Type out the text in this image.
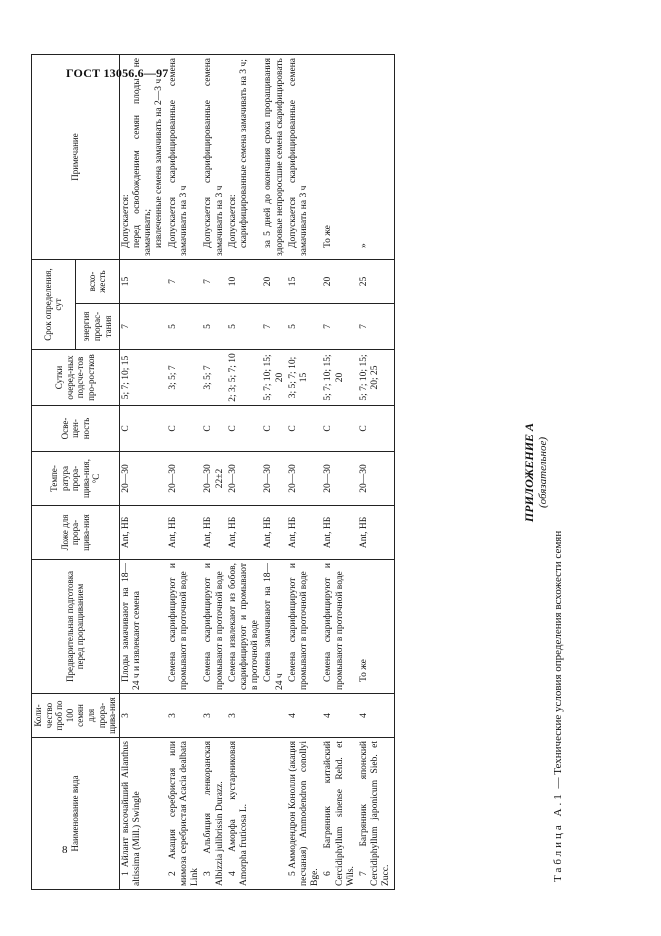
ГОСТ 13056.6—97
8 Наименование вида	Коли-чество проб по 100 семян для прора-щива-ния	Предварительная подготовка перед проращиванием	Ложе для прора-щива-ния	Темпе-ратура прора-щива-ния, °С	Осве-щен-ность	Сутки очеред-ных подсче-тов про-ростков	Срок определения, сут		Примечание
							энергия прорас-тания	всхо-жесть	
1 Айлант высочайший Ailanthus altissima (Mill.) Swingle	3	Плоды замачивают на 18—24 ч и извлекают семена	Ant, НБ	20—30	С	5; 7; 10; 15	7	15	Допускается: перед освобождением семян плоды не замачивать; извлеченные семена замачивать на 2—3 ч

2 Акация серебристая или мимоза серебристая Acacia dealbata Link	3	Семена скарифицируют и промывают в проточной воде	Ant, НБ	20—30	С	3; 5; 7	5	7	Допускается скарифицированные семена замачивать на 3 ч

3 Альбиция ленкоранская Albizzia julibrissin Durazz.	3	Семена скарифицируют и промывают в проточной воде	Ant, НБ	20—30 22±2	С	3; 5; 7	5	7	Допускается скарифицированные семена замачивать на 3 ч

4 Аморфа кустарниковая Amorpha fruticosa L.	3	Семена извлекают из бобов, скарифицируют и промывают в проточной воде	Ant, НБ	20—30	С	2; 3; 5; 7; 10	5	10	Допускается: скарифицированные семена замачивать на 3 ч;

		Семена замачивают на 18—24 ч	Ant, НБ	20—30	С	5; 7; 10; 15; 20	7	20	за 5 дней до окончания срока проращивания здоровые непроросшие семена скарифицировать

5 Аммодендрон Конолли (акация песчаная) Ammodendron conollyi Bge.	4	Семена скарифицируют и промывают в проточной воде	Ant, НБ	20—30	С	3; 5; 7; 10; 15	5	15	Допускается скарифицированные семена замачивать на 3 ч

6 Багрянник китайский Cercidiphyllum sinense Rehd. et Wils.	4	Семена скарифицируют и промывают в проточной воде	Ant, НБ	20—30	С	5; 7; 10; 15; 20	7	20	То же

7 Багрянник японский Cercidiphyllum japonicum Sieb. et Zucc.	4	То же	Ant, НБ	20—30	С	5; 7; 10; 15; 20; 25	7	25	»
ПРИЛОЖЕНИЕ А (обязательное)
Таблица А.1 — Технические условия определения всхожести семян
